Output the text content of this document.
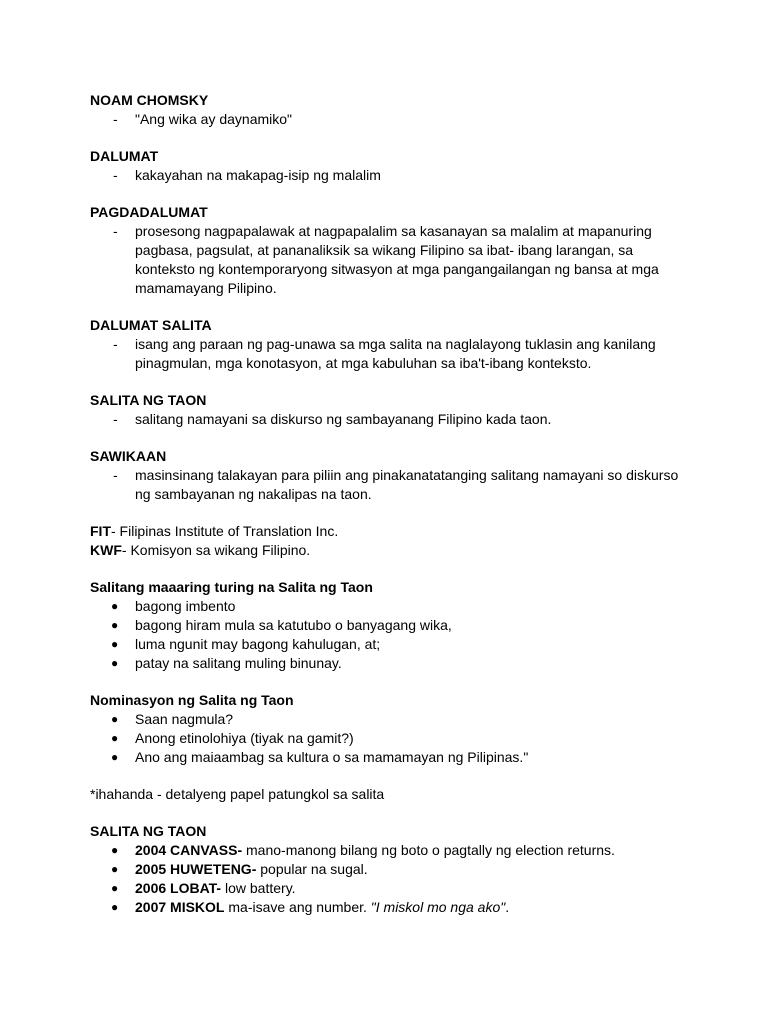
NOAM CHOMSKY

-	"Ang wika ay daynamiko"

DALUMAT

-	kakayahan na makapag-isip ng malalim

PAGDADALUMAT

-	prosesong nagpapalawak at nagpapalalim sa kasanayan sa malalim at mapanuring pagbasa, pagsulat, at pananaliksik sa wikang Filipino sa ibat- ibang larangan, sa konteksto ng kontemporaryong sitwasyon at mga pangangailangan ng bansa at mga mamamayang Pilipino.

DALUMAT SALITA

-	isang ang paraan ng pag-unawa sa mga salita na naglalayong tuklasin ang kanilang pinagmulan, mga konotasyon, at mga kabuluhan sa iba't-ibang konteksto.

SALITA NG TAON

-	salitang namayani sa diskurso ng sambayanang Filipino kada taon.

SAWIKAAN

-	masinsinang talakayan para piliin ang pinakanatatanging salitang namayani so diskurso ng sambayanan ng nakalipas na taon.

FIT- Filipinas Institute of Translation Inc.

KWF- Komisyon sa wikang Filipino.

Salitang maaaring turing na Salita ng Taon

●	bagong imbento
●	bagong hiram mula sa katutubo o banyagang wika,
●	luma ngunit may bagong kahulugan, at;
●	patay na salitang muling binunay.

Nominasyon ng Salita ng Taon

●	Saan nagmula?
●	Anong etinolohiya (tiyak na gamit?)
●	Ano ang maiaambag sa kultura o sa mamamayan ng Pilipinas."

*ihahanda - detalyeng papel patungkol sa salita

SALITA NG TAON

●	2004 CANVASS- mano-manong bilang ng boto o pagtally ng election returns.
●	2005 HUWETENG- popular na sugal.
●	2006 LOBAT- low battery.
●	2007 MISKOL ma-isave ang number. "I miskol mo nga ako".
